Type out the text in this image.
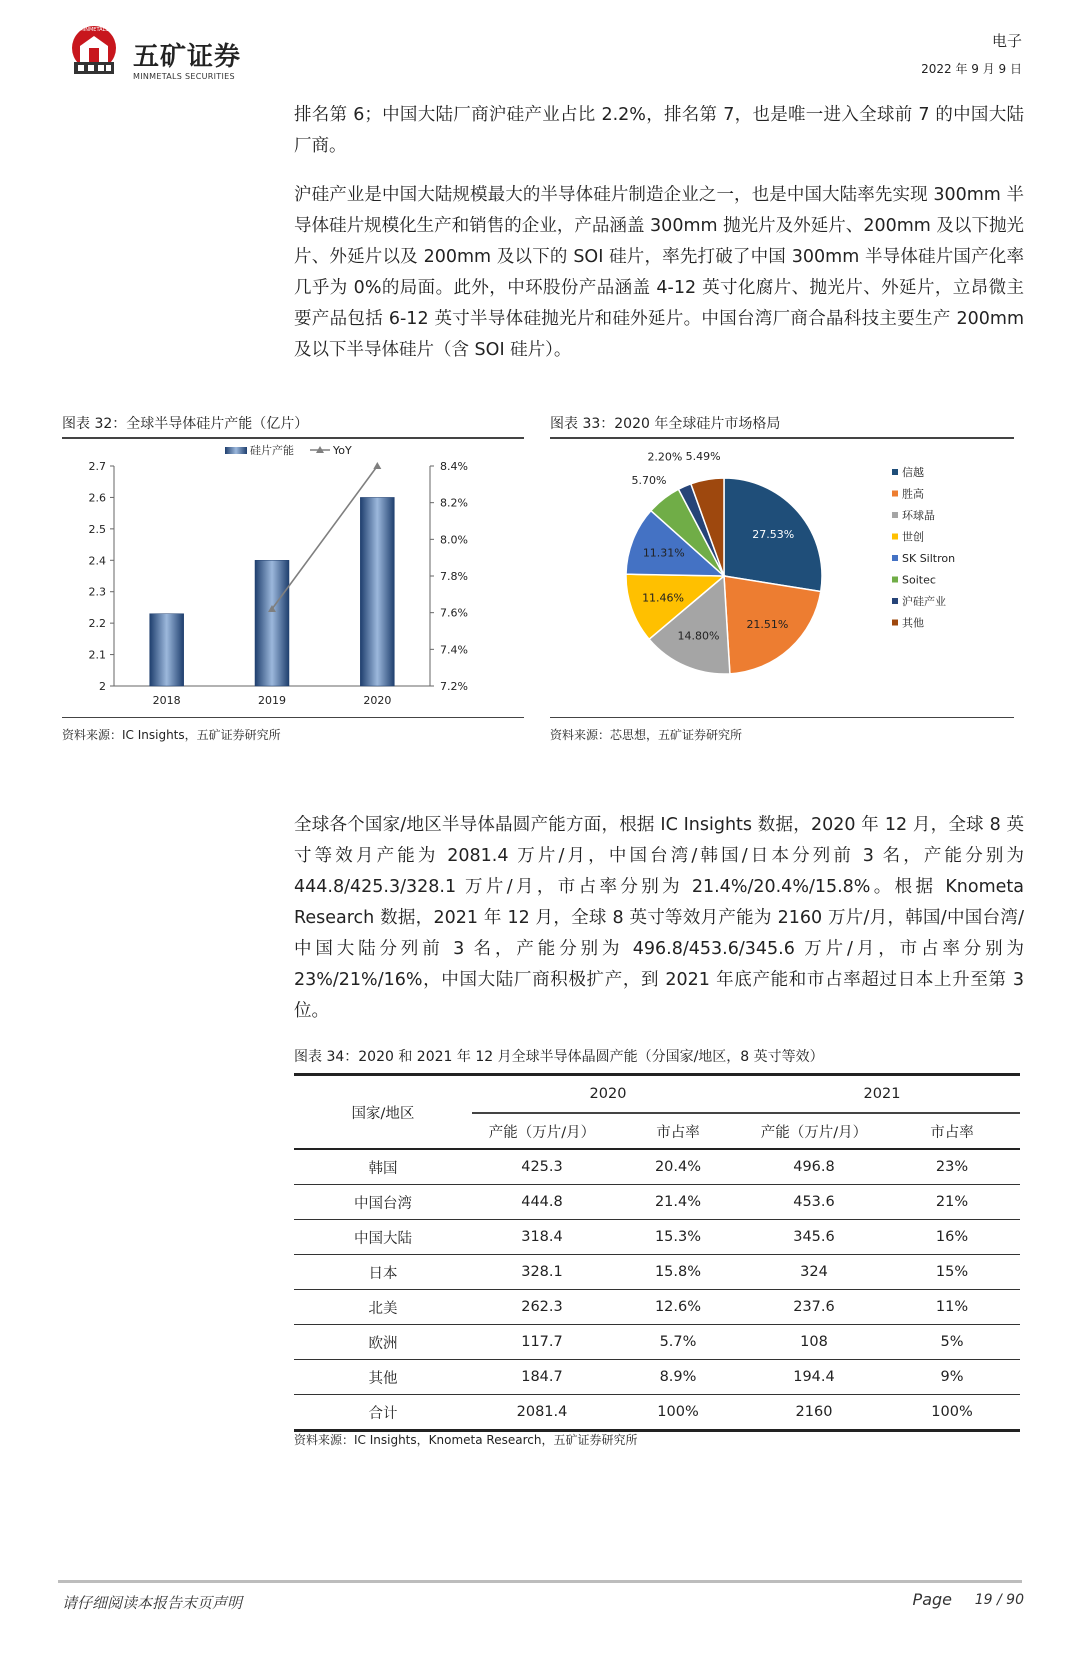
MINMETALS
五矿证券
MINMETALS SECURITIES
电子
2022 年 9 月 9 日
排名第 6；中国大陆厂商沪硅产业占比 2.2%，排名第 7，也是唯一进入全球前 7 的中国大陆厂商。
沪硅产业是中国大陆规模最大的半导体硅片制造企业之一，也是中国大陆率先实现 300mm 半导体硅片规模化生产和销售的企业，产品涵盖 300mm 抛光片及外延片、200mm 及以下抛光片、外延片以及 200mm 及以下的 SOI 硅片，率先打破了中国 300mm 半导体硅片国产化率几乎为 0%的局面。此外，中环股份产品涵盖 4-12 英寸化腐片、抛光片、外延片，立昂微主要产品包括 6-12 英寸半导体硅抛光片和硅外延片。中国台湾厂商合晶科技主要生产 200mm 及以下半导体硅片（含 SOI 硅片）。
图表 32：全球半导体硅片产能（亿片）
2
2.1
2.2
2.3
2.4
2.5
2.6
2.7
7.2%
7.4%
7.6%
7.8%
8.0%
8.2%
8.4%
2018	2019	2020
硅片产能	YoY
资料来源：IC Insights，五矿证券研究所
图表 33：2020 年全球硅片市场格局
27.53%
21.51%
14.80%
11.46%
11.31%
5.70%
2.20% 5.49%
信越
胜高
环球晶
世创
SK Siltron
Soitec
沪硅产业
其他
资料来源：芯思想，五矿证券研究所
全球各个国家/地区半导体晶圆产能方面，根据 IC Insights 数据，2020 年 12 月，全球 8 英寸等效月产能为 2081.4 万片/月，中国台湾/韩国/日本分列前 3 名，产能分别为 444.8/425.3/328.1 万片/月，市占率分别为 21.4%/20.4%/15.8%。根据 Knometa Research 数据，2021 年 12 月，全球 8 英寸等效月产能为 2160 万片/月，韩国/中国台湾/中国大陆分列前 3 名，产能分别为 496.8/453.6/345.6 万片/月，市占率分别为 23%/21%/16%，中国大陆厂商积极扩产，到 2021 年底产能和市占率超过日本上升至第 3 位。
图表 34：2020 和 2021 年 12 月全球半导体晶圆产能（分国家/地区，8 英寸等效）
国家/地区	2020		2021	
	产能（万片/月）	市占率	产能（万片/月）	市占率
韩国	425.3	20.4%	496.8	23%
中国台湾	444.8	21.4%	453.6	21%
中国大陆	318.4	15.3%	345.6	16%
日本	328.1	15.8%	324	15%
北美	262.3	12.6%	237.6	11%
欧洲	117.7	5.7%	108	5%
其他	184.7	8.9%	194.4	9%
合计	2081.4	100%	2160	100%
资料来源：IC Insights，Knometa Research，五矿证券研究所
请仔细阅读本报告末页声明	Page 19 / 90
